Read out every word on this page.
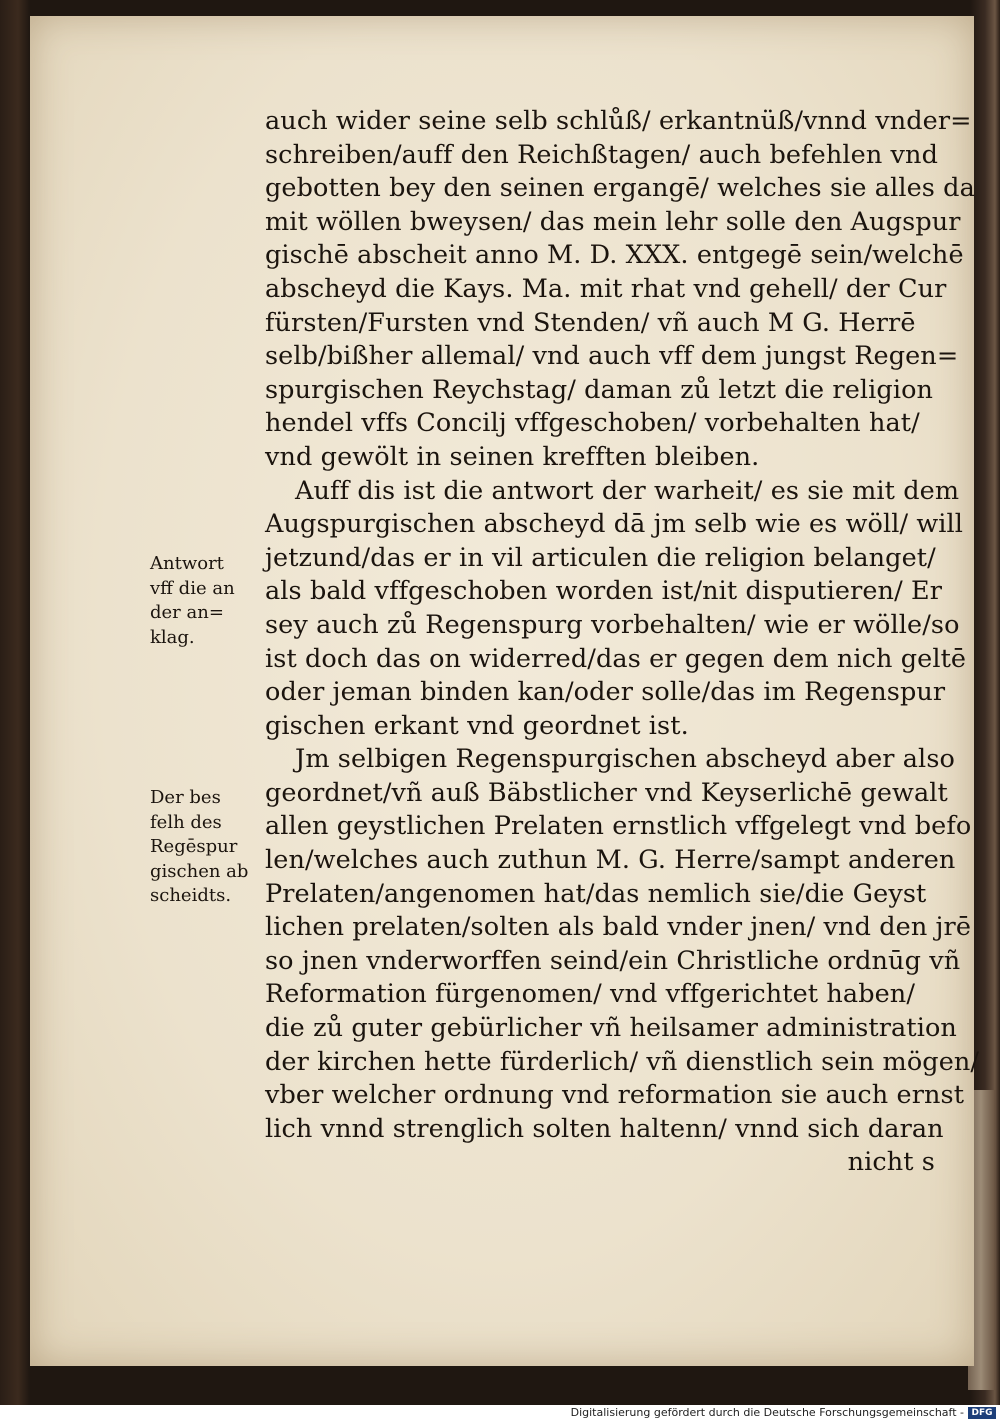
auch wider seine selb schlůß/ erkantnüß/vnnd vnder=
schreiben/auff den Reichßtagen/ auch befehlen vnd
gebotten bey den seinen ergangē/ welches sie alles da
mit wöllen bweysen/ das mein lehr solle den Augspur
gischē abscheit anno M. D. XXX. entgegē sein/welchē
abscheyd die Kays. Ma. mit rhat vnd gehell/ der Cur
fürsten/Fursten vnd Stenden/ vñ auch M G. Herrē
selb/bißher allemal/ vnd auch vff dem jungst Regen=
spurgischen Reychstag/ daman zů letzt die religion
hendel vffs Concilj vffgeschoben/ vorbehalten hat/
vnd gewölt in seinen krefften bleiben.
Auff dis ist die antwort der warheit/ es sie mit dem
Augspurgischen abscheyd dā jm selb wie es wöll/ will
jetzund/das er in vil articulen die religion belanget/
als bald vffgeschoben worden ist/nit disputieren/ Er
sey auch zů Regenspurg vorbehalten/ wie er wölle/so
ist doch das on widerred/das er gegen dem nich geltē
oder jeman binden kan/oder solle/das im Regenspur
gischen erkant vnd geordnet ist.
Jm selbigen Regenspurgischen abscheyd aber also
geordnet/vñ auß Bäbstlicher vnd Keyserlichē gewalt
allen geystlichen Prelaten ernstlich vffgelegt vnd befo
len/welches auch zuthun M. G. Herre/sampt anderen
Prelaten/angenomen hat/das nemlich sie/die Geyst
lichen prelaten/solten als bald vnder jnen/ vnd den jrē
so jnen vnderworffen seind/ein Christliche ordnūg vñ
Reformation fürgenomen/ vnd vffgerichtet haben/
die zů guter gebürlicher vñ heilsamer administration
der kirchen hette fürderlich/ vñ dienstlich sein mögen/
vber welcher ordnung vnd reformation sie auch ernst
lich vnnd strenglich solten haltenn/ vnnd sich daran
nicht s
Antwort
vff die an
der an=
klag.
Der bes
felh des
Regēspur
gischen ab
scheidts.
Digitalisierung gefördert durch die Deutsche Forschungsgemeinschaft - DFG
